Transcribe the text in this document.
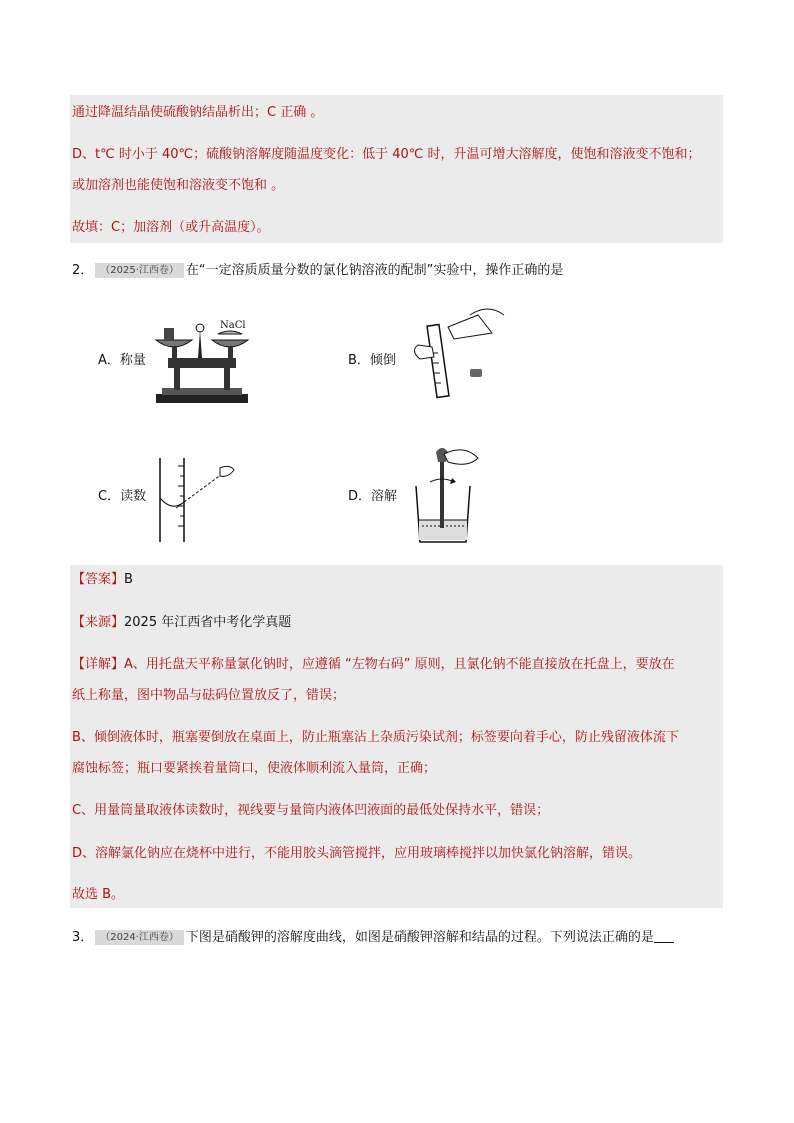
通过降温结晶使硫酸钠结晶析出；C 正确 。
D、t℃ 时小于 40℃；硫酸钠溶解度随温度变化：低于 40℃ 时，升温可增大溶解度，使饱和溶液变不饱和；
或加溶剂也能使饱和溶液变不饱和 。
故填：C；加溶剂（或升高温度）。
2． （2025·江西卷） 在“一定溶质质量分数的氯化钠溶液的配制”实验中，操作正确的是
A．称量
NaCl
B．倾倒
C．读数	D．溶解
【答案】B
【来源】2025 年江西省中考化学真题
【详解】A、用托盘天平称量氯化钠时，应遵循 “左物右码” 原则，且氯化钠不能直接放在托盘上，要放在
纸上称量，图中物品与砝码位置放反了，错误；
B、倾倒液体时，瓶塞要倒放在桌面上，防止瓶塞沾上杂质污染试剂；标签要向着手心，防止残留液体流下
腐蚀标签；瓶口要紧挨着量筒口，使液体顺利流入量筒，正确；
C、用量筒量取液体读数时，视线要与量筒内液体凹液面的最低处保持水平，错误；
D、溶解氯化钠应在烧杯中进行，不能用胶头滴管搅拌，应用玻璃棒搅拌以加快氯化钠溶解，错误。
故选 B。
3． （2024·江西卷） 下图是硝酸钾的溶解度曲线，如图是硝酸钾溶解和结晶的过程。下列说法正确的是
